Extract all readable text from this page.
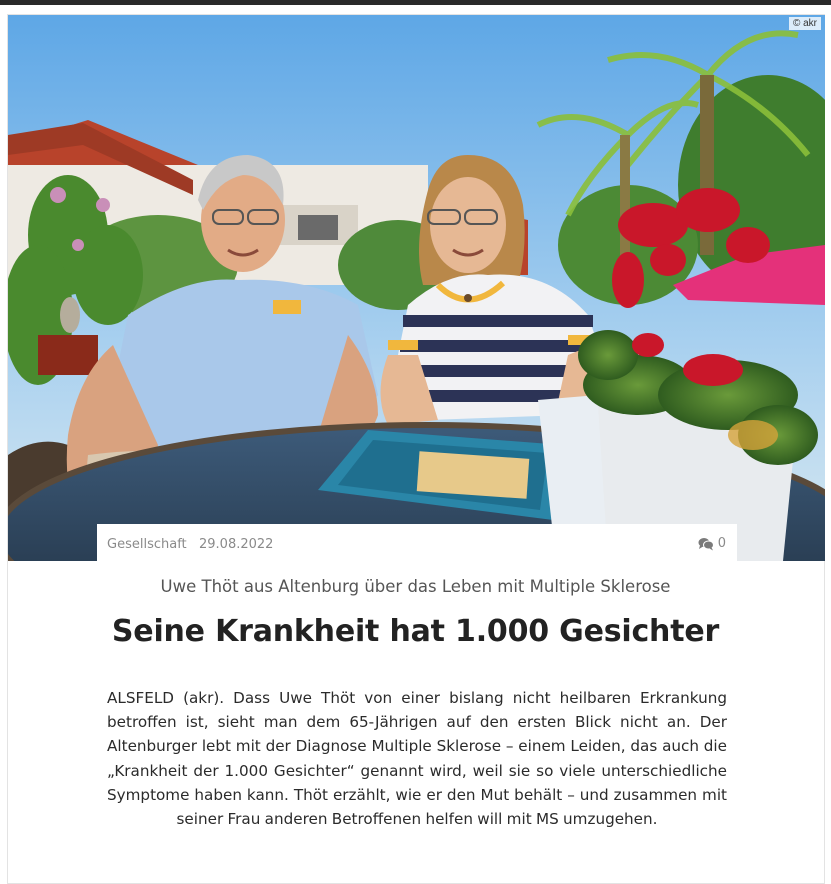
© akr
Gesellschaft 29.08.2022	0
Uwe Thöt aus Altenburg über das Leben mit Multiple Sklerose
Seine Krankheit hat 1.000 Gesichter

ALSFELD (akr). Dass Uwe Thöt von einer bislang nicht heilbaren Erkrankung betroffen ist, sieht man dem 65-Jährigen auf den ersten Blick nicht an. Der Altenburger lebt mit der Diagnose Multiple Sklerose – einem Leiden, das auch die „Krankheit der 1.000 Gesichter“ genannt wird, weil sie so viele unterschiedliche Symptome haben kann. Thöt erzählt, wie er den Mut behält – und zusammen mit seiner Frau anderen Betroffenen helfen will mit MS umzugehen.
